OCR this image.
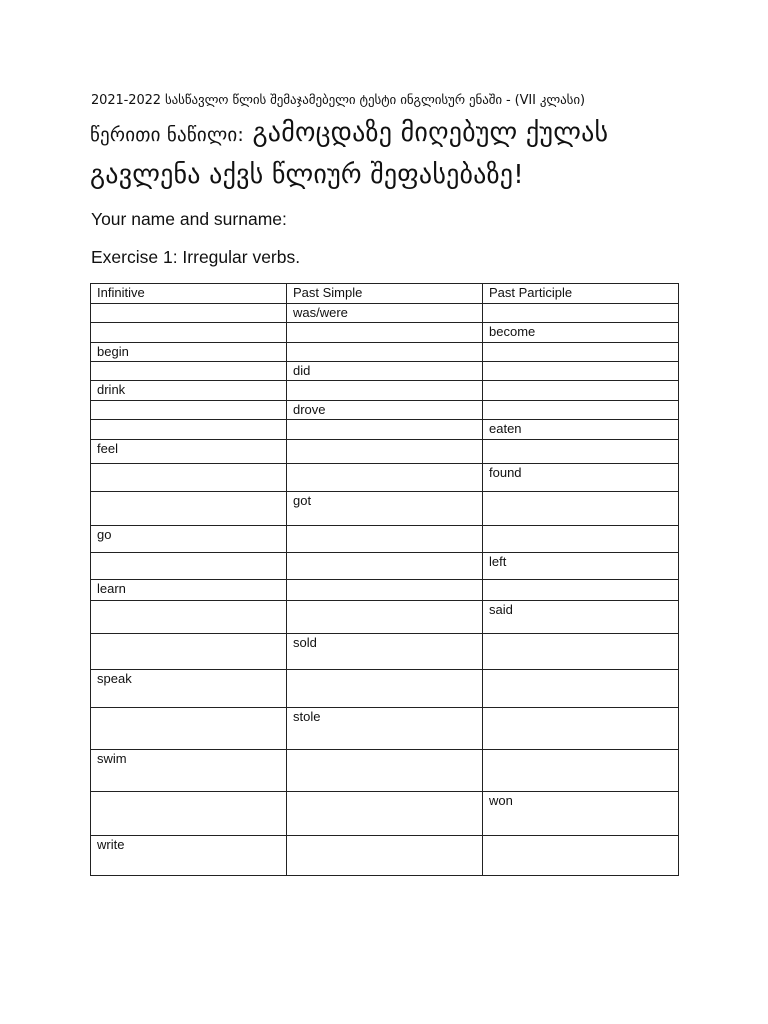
2021-2022 სასწავლო წლის შემაჯამებელი ტესტი ინგლისურ ენაში - (VII კლასი)
წერითი ნაწილი: გამოცდაზე მიღებულ ქულას
გავლენა აქვს წლიურ შეფასებაზე!
Your name and surname:
Exercise 1: Irregular verbs.
Infinitive	Past Simple	Past Participle
	was/were	
		become
begin		
	did	
drink		
	drove	
		eaten
feel		
		found
	got	
go		
		left
learn		
		said
	sold	
speak		
	stole	
swim		
		won
write		
